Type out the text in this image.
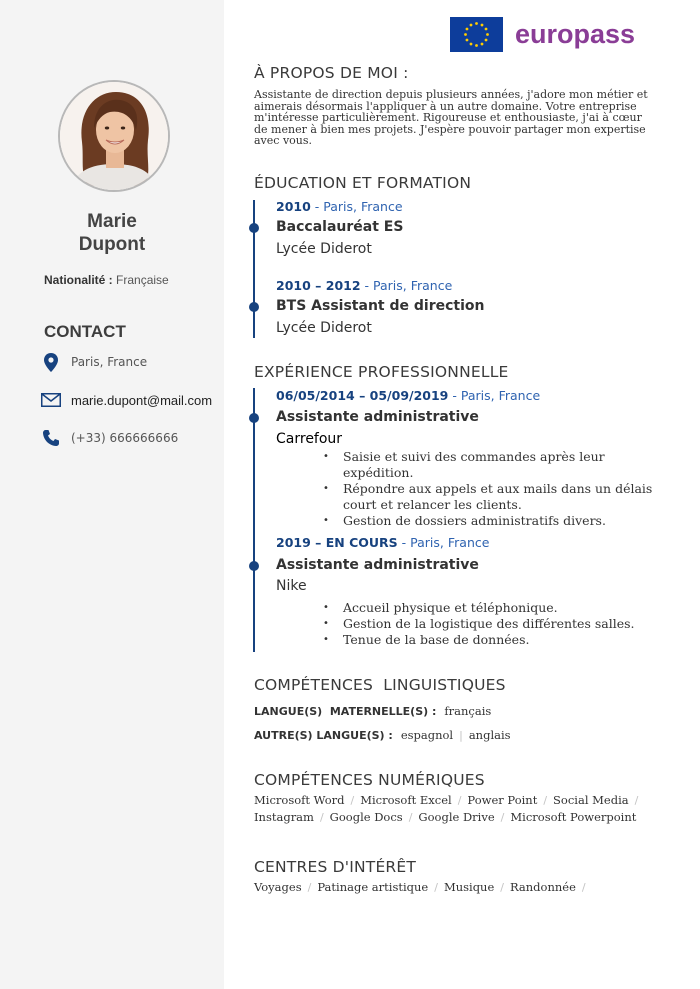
Marie
Dupont
Nationalité : Française
CONTACT
Paris, France
marie.dupont@mail.com
(+33) 666666666
europass
À PROPOS DE MOI :
Assistante de direction depuis plusieurs années, j'adore mon métier et aimerais désormais l'appliquer à un autre domaine. Votre entreprise m'intéresse particulièrement. Rigoureuse et enthousiaste, j'ai à cœur de mener à bien mes projets. J'espère pouvoir partager mon expertise avec vous.
ÉDUCATION ET FORMATION
2010 - Paris, France
Baccalauréat ES
Lycée Diderot
2010 – 2012 - Paris, France
BTS Assistant de direction
Lycée Diderot
EXPÉRIENCE PROFESSIONNELLE
06/05/2014 – 05/09/2019 - Paris, France
Assistante administrative
Carrefour
• Saisie et suivi des commandes après leur expédition.
• Répondre aux appels et aux mails dans un délais court et relancer les clients.
• Gestion de dossiers administratifs divers.
2019 – EN COURS - Paris, France
Assistante administrative
Nike
• Accueil physique et téléphonique.
• Gestion de la logistique des différentes salles.
• Tenue de la base de données.
COMPÉTENCES  LINGUISTIQUES
LANGUE(S)  MATERNELLE(S) : français
AUTRE(S) LANGUE(S) : espagnol | anglais
COMPÉTENCES NUMÉRIQUES
Microsoft Word / Microsoft Excel / Power Point / Social Media /
Instagram / Google Docs / Google Drive / Microsoft Powerpoint
CENTRES D'INTÉRÊT
Voyages / Patinage artistique / Musique / Randonnée /
